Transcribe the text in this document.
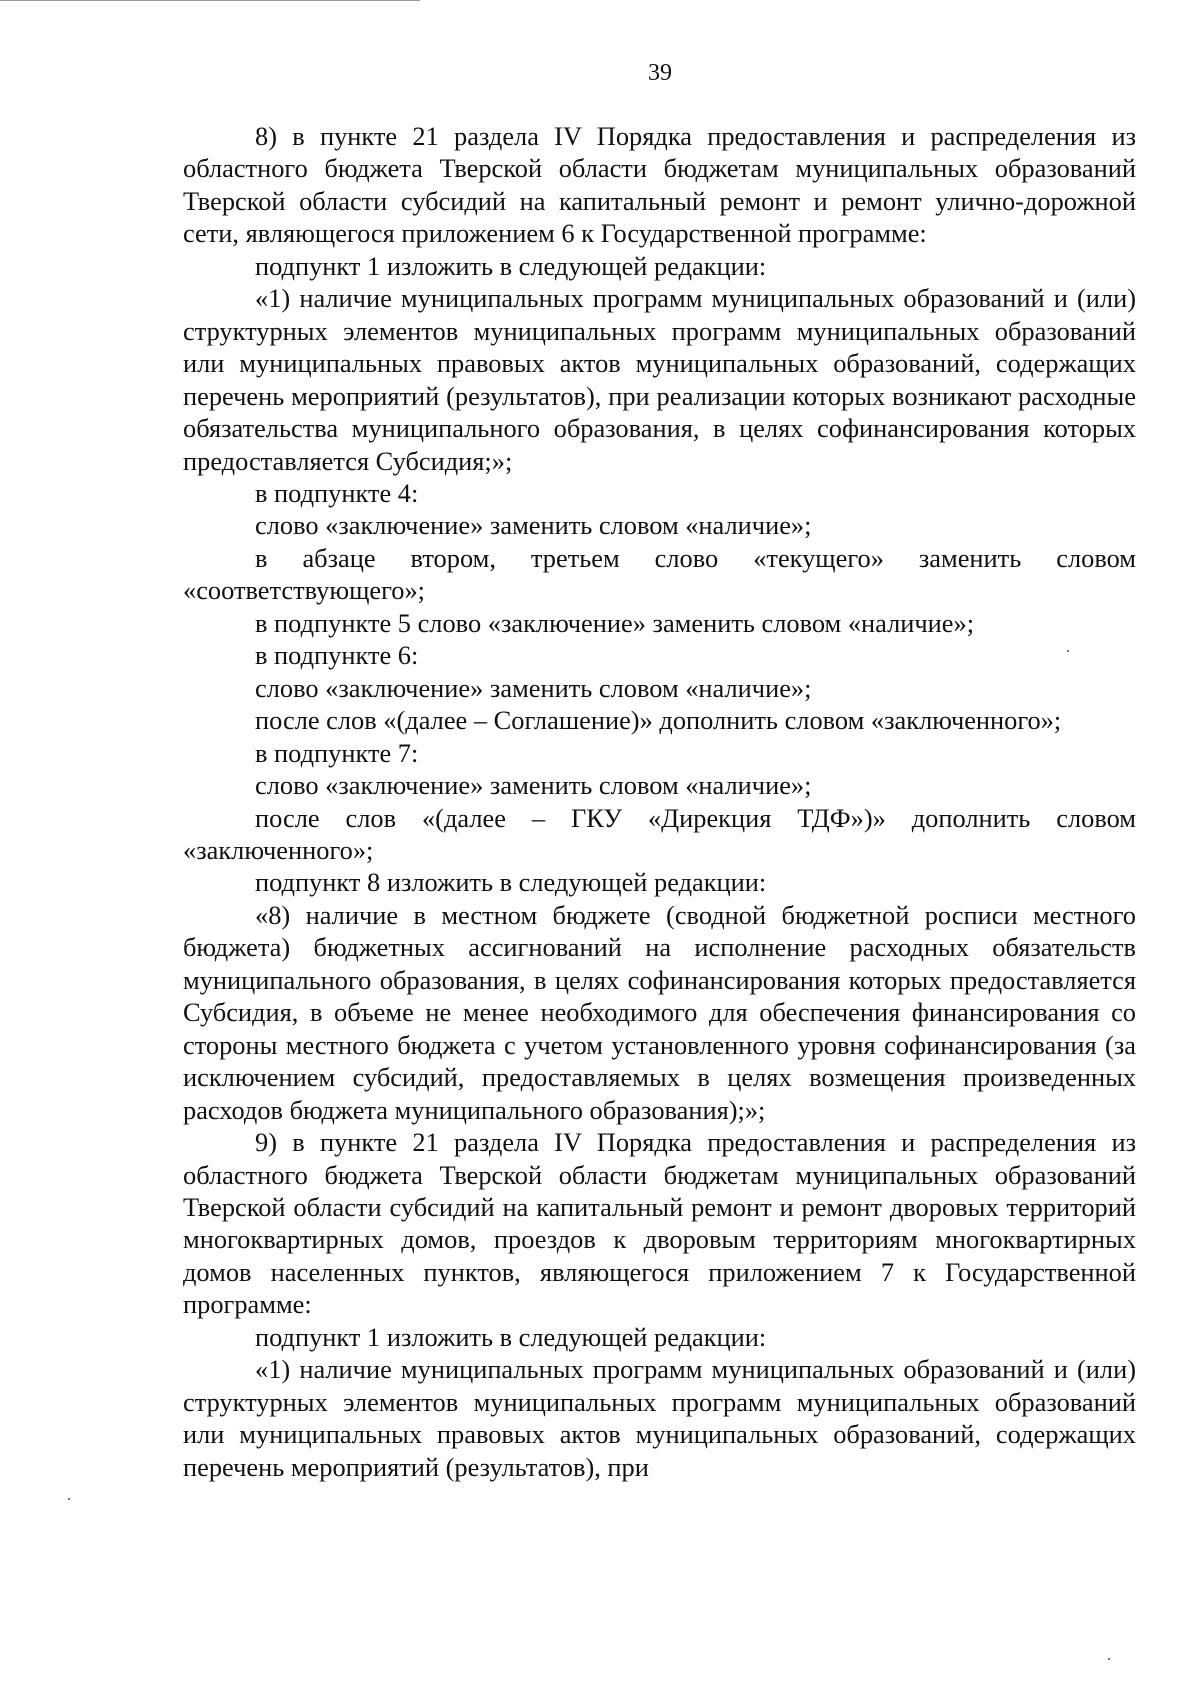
39

8) в пункте 21 раздела IV Порядка предоставления и распределения из областного бюджета Тверской области бюджетам муниципальных образований Тверской области субсидий на капитальный ремонт и ремонт улично-дорожной сети, являющегося приложением 6 к Государственной программе:

подпункт 1 изложить в следующей редакции:

«1) наличие муниципальных программ муниципальных образований и (или) структурных элементов муниципальных программ муниципальных образований или муниципальных правовых актов муниципальных образований, содержащих перечень мероприятий (результатов), при реализации которых возникают расходные обязательства муниципального образования, в целях софинансирования которых предоставляется Субсидия;»;

в подпункте 4:

слово «заключение» заменить словом «наличие»;

в абзаце втором, третьем слово «текущего» заменить словом «соответствующего»;

в подпункте 5 слово «заключение» заменить словом «наличие»;

в подпункте 6:

слово «заключение» заменить словом «наличие»;

после слов «(далее – Соглашение)» дополнить словом «заключенного»;

в подпункте 7:

слово «заключение» заменить словом «наличие»;

после слов «(далее – ГКУ «Дирекция ТДФ»)» дополнить словом «заключенного»;

подпункт 8 изложить в следующей редакции:

«8) наличие в местном бюджете (сводной бюджетной росписи местного бюджета) бюджетных ассигнований на исполнение расходных обязательств муниципального образования, в целях софинансирования которых предоставляется Субсидия, в объеме не менее необходимого для обеспечения финансирования со стороны местного бюджета с учетом установленного уровня софинансирования (за исключением субсидий, предоставляемых в целях возмещения произведенных расходов бюджета муниципального образования);»;

9) в пункте 21 раздела IV Порядка предоставления и распределения из областного бюджета Тверской области бюджетам муниципальных образований Тверской области субсидий на капитальный ремонт и ремонт дворовых территорий многоквартирных домов, проездов к дворовым территориям многоквартирных домов населенных пунктов, являющегося приложением 7 к Государственной программе:

подпункт 1 изложить в следующей редакции:

«1) наличие муниципальных программ муниципальных образований и (или) структурных элементов муниципальных программ муниципальных образований или муниципальных правовых актов муниципальных образований, содержащих перечень мероприятий (результатов), при
